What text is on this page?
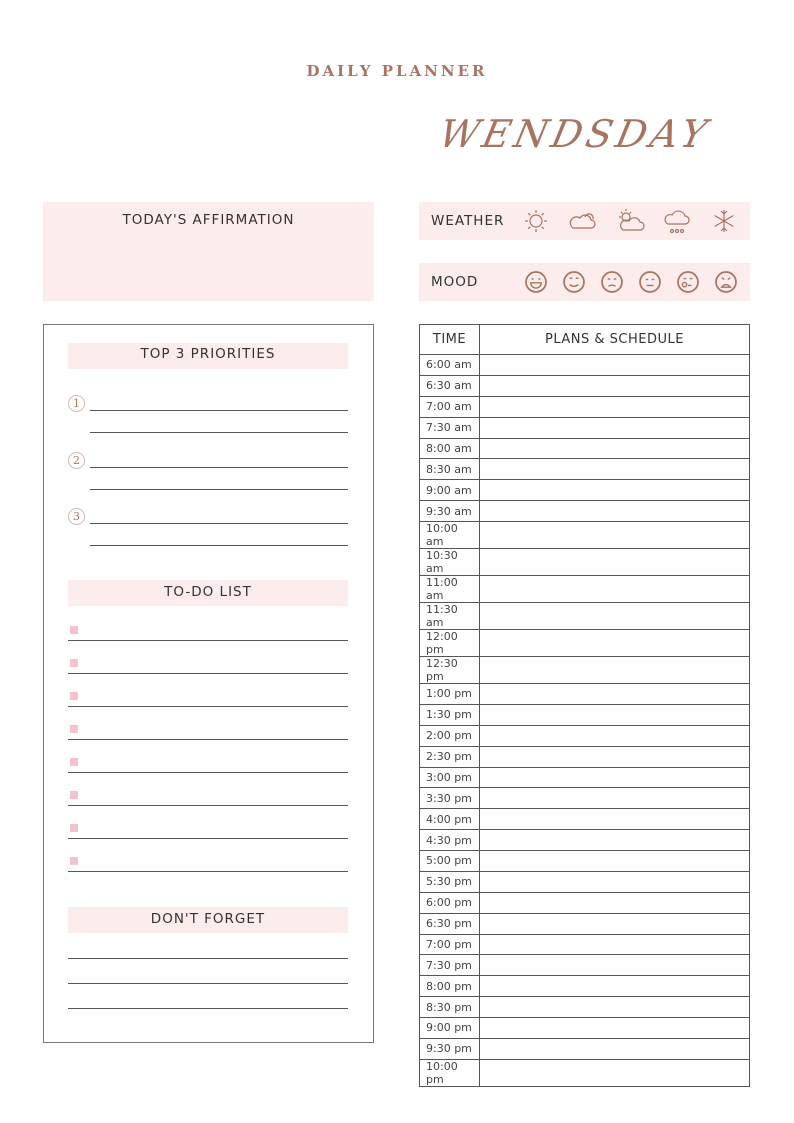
DAILY PLANNER
WENDSDAY
TODAY'S AFFIRMATION	WEATHER
MOOD
TOP 3 PRIORITIES
1
2
3
TO-DO LIST
DON'T FORGET
TIME	PLANS & SCHEDULE
6:00 am	
6:30 am	
7:00 am	
7:30 am	
8:00 am	
8:30 am	
9:00 am	
9:30 am	
10:00 am	
10:30 am	
11:00 am	
11:30 am	
12:00 pm	
12:30 pm	
1:00 pm	
1:30 pm	
2:00 pm	
2:30 pm	
3:00 pm	
3:30 pm	
4:00 pm	
4:30 pm	
5:00 pm	
5:30 pm	
6:00 pm	
6:30 pm	
7:00 pm	
7:30 pm	
8:00 pm	
8:30 pm	
9:00 pm	
9:30 pm	
10:00 pm	
